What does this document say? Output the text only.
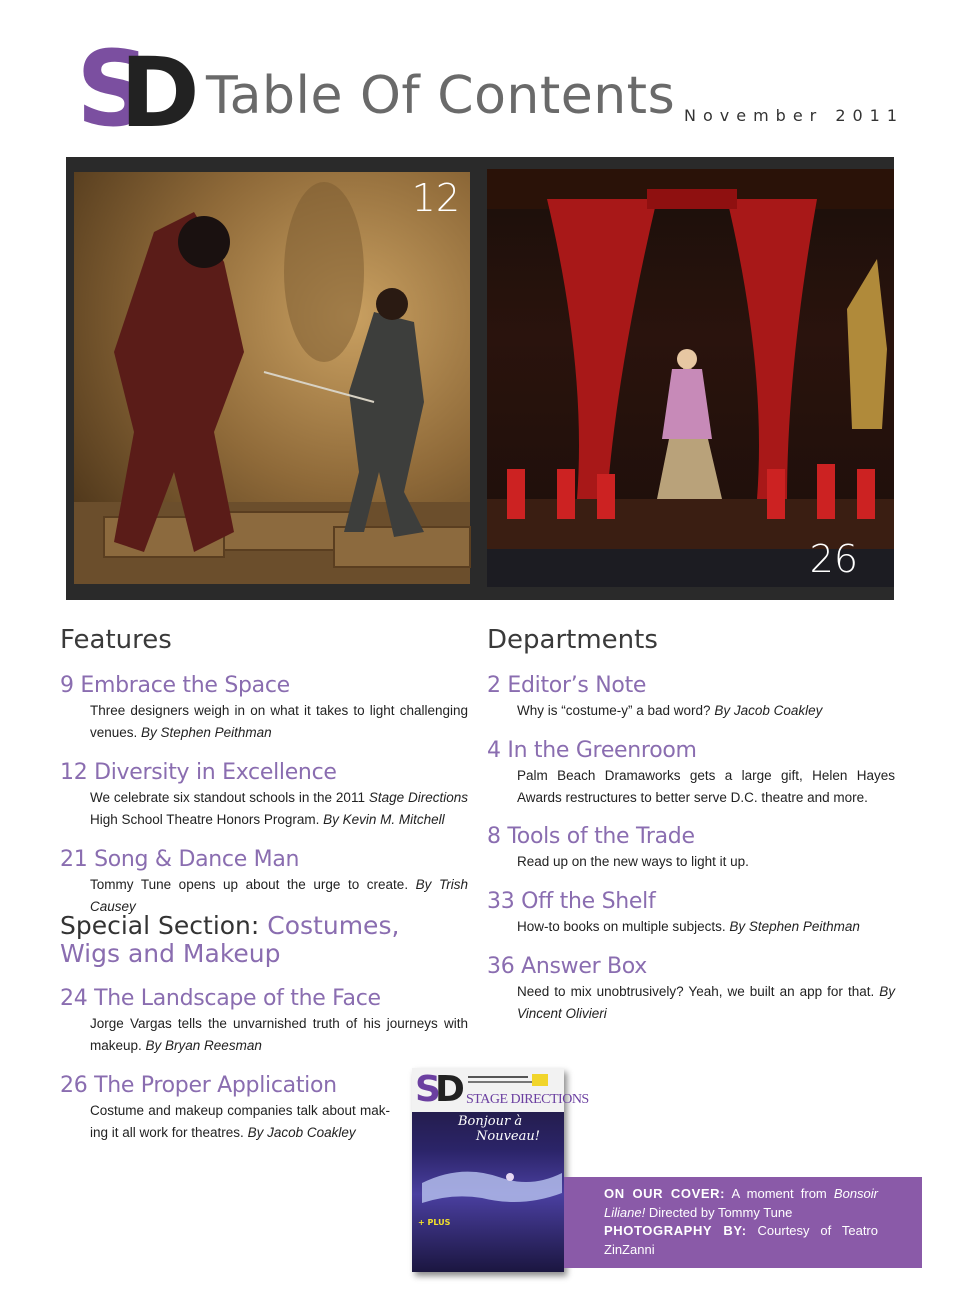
S
D Table Of Contents November 2011
12
26
Features
9 Embrace the Space
Three designers weigh in on what it takes to light challenging venues. By Stephen Peithman
12 Diversity in Excellence
We celebrate six standout schools in the 2011 Stage Directions High School Theatre Honors Program. By Kevin M. Mitchell
21 Song & Dance Man
Tommy Tune opens up about the urge to create. By Trish Causey
Special Section: Costumes, Wigs and Makeup
24 The Landscape of the Face
Jorge Vargas tells the unvarnished truth of his journeys with makeup. By Bryan Reesman
26 The Proper Application
Costume and makeup companies talk about mak-ing it all work for theatres. By Jacob Coakley
Departments
2 Editor’s Note
Why is “costume-y” a bad word? By Jacob Coakley
4 In the Greenroom
Palm Beach Dramaworks gets a large gift, Helen Hayes Awards restructures to better serve D.C. theatre and more.
8 Tools of the Trade
Read up on the new ways to light it up.
33 Off the Shelf
How-to books on multiple subjects. By Stephen Peithman
36 Answer Box
Need to mix unobtrusively? Yeah, we built an app for that. By Vincent Olivieri
SD STAGE DIRECTIONS
Bonjour à
Nouveau!
+ PLUS
ON OUR COVER: A moment from Bonsoir Liliane! Directed by Tommy Tune
PHOTOGRAPHY BY: Courtesy of Teatro ZinZanni
